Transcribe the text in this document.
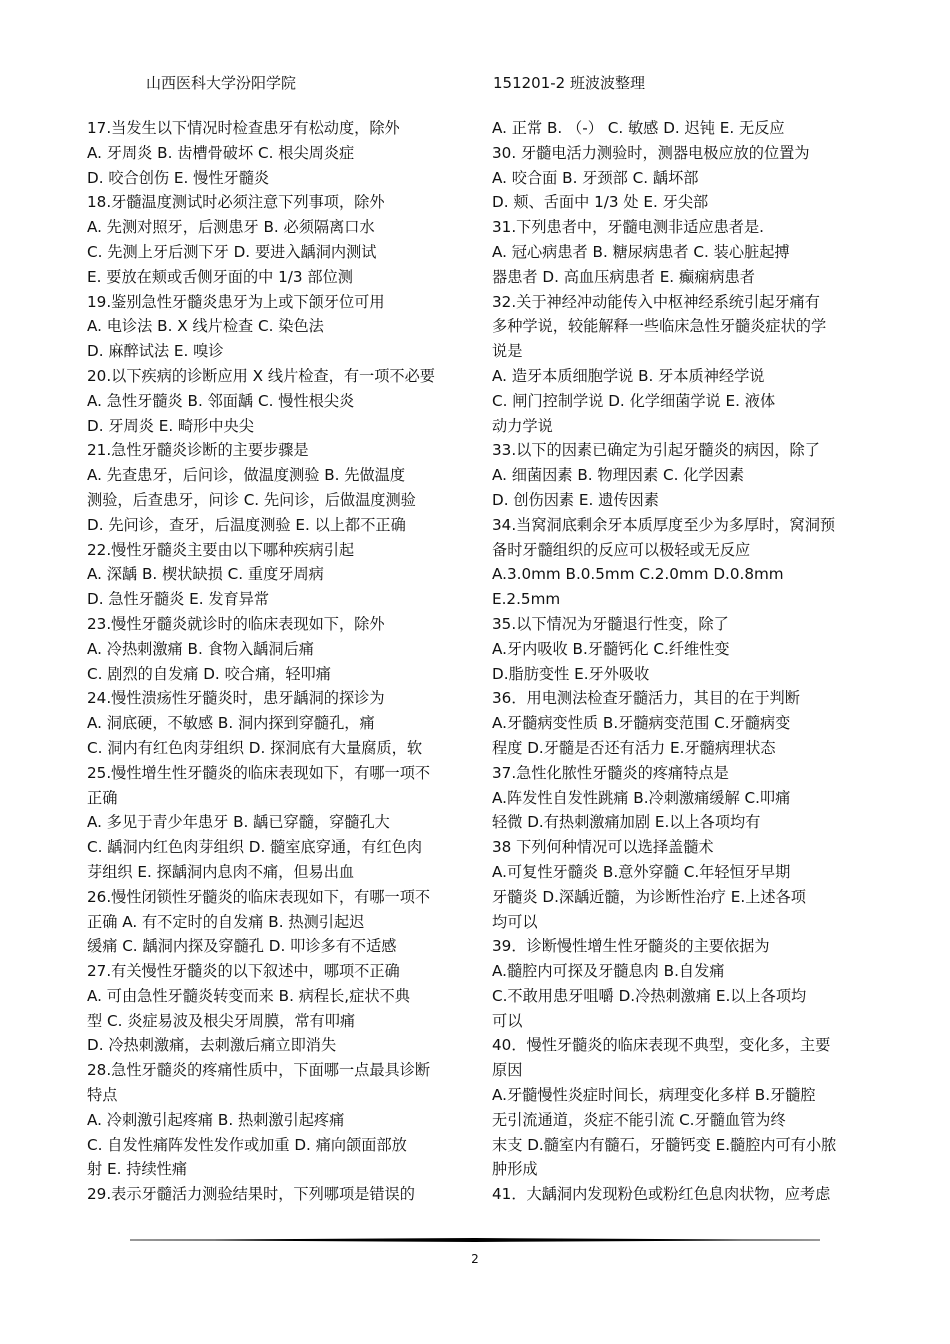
山西医科大学汾阳学院	151201-2 班波波整理
17.当发生以下情况时检查患牙有松动度，除外
A. 牙周炎 B. 齿槽骨破坏 C. 根尖周炎症
D. 咬合创伤 E. 慢性牙髓炎
18.牙髓温度测试时必须注意下列事项，除外
A. 先测对照牙，后测患牙 B. 必须隔离口水
C. 先测上牙后测下牙 D. 要进入龋洞内测试
E. 要放在颊或舌侧牙面的中 1/3 部位测
19.鉴别急性牙髓炎患牙为上或下颌牙位可用
A. 电诊法 B. X 线片检查 C. 染色法
D. 麻醉试法 E. 嗅诊
20.以下疾病的诊断应用 X 线片检查，有一项不必要
A. 急性牙髓炎 B. 邻面龋 C. 慢性根尖炎
D. 牙周炎 E. 畸形中央尖
21.急性牙髓炎诊断的主要步骤是
A. 先查患牙，后问诊，做温度测验 B. 先做温度
测验，后查患牙，问诊 C. 先问诊，后做温度测验
D. 先问诊，查牙，后温度测验 E. 以上都不正确
22.慢性牙髓炎主要由以下哪种疾病引起
A. 深龋 B. 楔状缺损 C. 重度牙周病
D. 急性牙髓炎 E. 发育异常
23.慢性牙髓炎就诊时的临床表现如下，除外
A. 冷热刺激痛 B. 食物入龋洞后痛
C. 剧烈的自发痛 D. 咬合痛，轻叩痛
24.慢性溃疡性牙髓炎时，患牙龋洞的探诊为
A. 洞底硬，不敏感 B. 洞内探到穿髓孔，痛
C. 洞内有红色肉芽组织 D. 探洞底有大量腐质，软
25.慢性增生性牙髓炎的临床表现如下，有哪一项不
正确
A. 多见于青少年患牙 B. 龋已穿髓，穿髓孔大
C. 龋洞内红色肉芽组织 D. 髓室底穿通，有红色肉
芽组织 E. 探龋洞内息肉不痛，但易出血
26.慢性闭锁性牙髓炎的临床表现如下，有哪一项不
正确 A. 有不定时的自发痛 B. 热测引起迟
缓痛 C. 龋洞内探及穿髓孔 D. 叩诊多有不适感
27.有关慢性牙髓炎的以下叙述中，哪项不正确
A. 可由急性牙髓炎转变而来 B. 病程长,症状不典
型 C. 炎症易波及根尖牙周膜，常有叩痛
D. 冷热刺激痛，去刺激后痛立即消失
28.急性牙髓炎的疼痛性质中，下面哪一点最具诊断
特点
A. 冷刺激引起疼痛 B. 热刺激引起疼痛
C. 自发性痛阵发性发作或加重 D. 痛向颌面部放
射 E. 持续性痛
29.表示牙髓活力测验结果时，下列哪项是错误的
A. 正常 B. （-） C. 敏感 D. 迟钝 E. 无反应
30. 牙髓电活力测验时，测器电极应放的位置为
A. 咬合面 B. 牙颈部 C. 龋坏部
D. 颊、舌面中 1/3 处 E. 牙尖部
31.下列患者中，牙髓电测非适应患者是.
A. 冠心病患者 B. 糖尿病患者 C. 装心脏起搏
器患者 D. 高血压病患者 E. 癫痫病患者
32.关于神经冲动能传入中枢神经系统引起牙痛有
多种学说，较能解释一些临床急性牙髓炎症状的学
说是
A. 造牙本质细胞学说 B. 牙本质神经学说
C. 闸门控制学说 D. 化学细菌学说 E. 液体
动力学说
33.以下的因素已确定为引起牙髓炎的病因，除了
A. 细菌因素 B. 物理因素 C. 化学因素
D. 创伤因素 E. 遗传因素
34.当窝洞底剩余牙本质厚度至少为多厚时，窝洞预
备时牙髓组织的反应可以极轻或无反应
A.3.0mm B.0.5mm C.2.0mm D.0.8mm
E.2.5mm
35.以下情况为牙髓退行性变，除了
A.牙内吸收 B.牙髓钙化 C.纤维性变
D.脂肪变性 E.牙外吸收
36．用电测法检查牙髓活力，其目的在于判断
A.牙髓病变性质 B.牙髓病变范围 C.牙髓病变
程度 D.牙髓是否还有活力 E.牙髓病理状态
37.急性化脓性牙髓炎的疼痛特点是
A.阵发性自发性跳痛 B.冷刺激痛缓解 C.叩痛
轻微 D.有热刺激痛加剧 E.以上各项均有
38 下列何种情况可以选择盖髓术
A.可复性牙髓炎 B.意外穿髓 C.年轻恒牙早期
牙髓炎 D.深龋近髓，为诊断性治疗 E.上述各项
均可以
39．诊断慢性增生性牙髓炎的主要依据为
A.髓腔内可探及牙髓息肉 B.自发痛
C.不敢用患牙咀嚼 D.冷热刺激痛 E.以上各项均
可以
40．慢性牙髓炎的临床表现不典型，变化多，主要
原因
A.牙髓慢性炎症时间长，病理变化多样 B.牙髓腔
无引流通道，炎症不能引流 C.牙髓血管为终
末支 D.髓室内有髓石，牙髓钙变 E.髓腔内可有小脓
肿形成
41．大龋洞内发现粉色或粉红色息肉状物，应考虑
2
